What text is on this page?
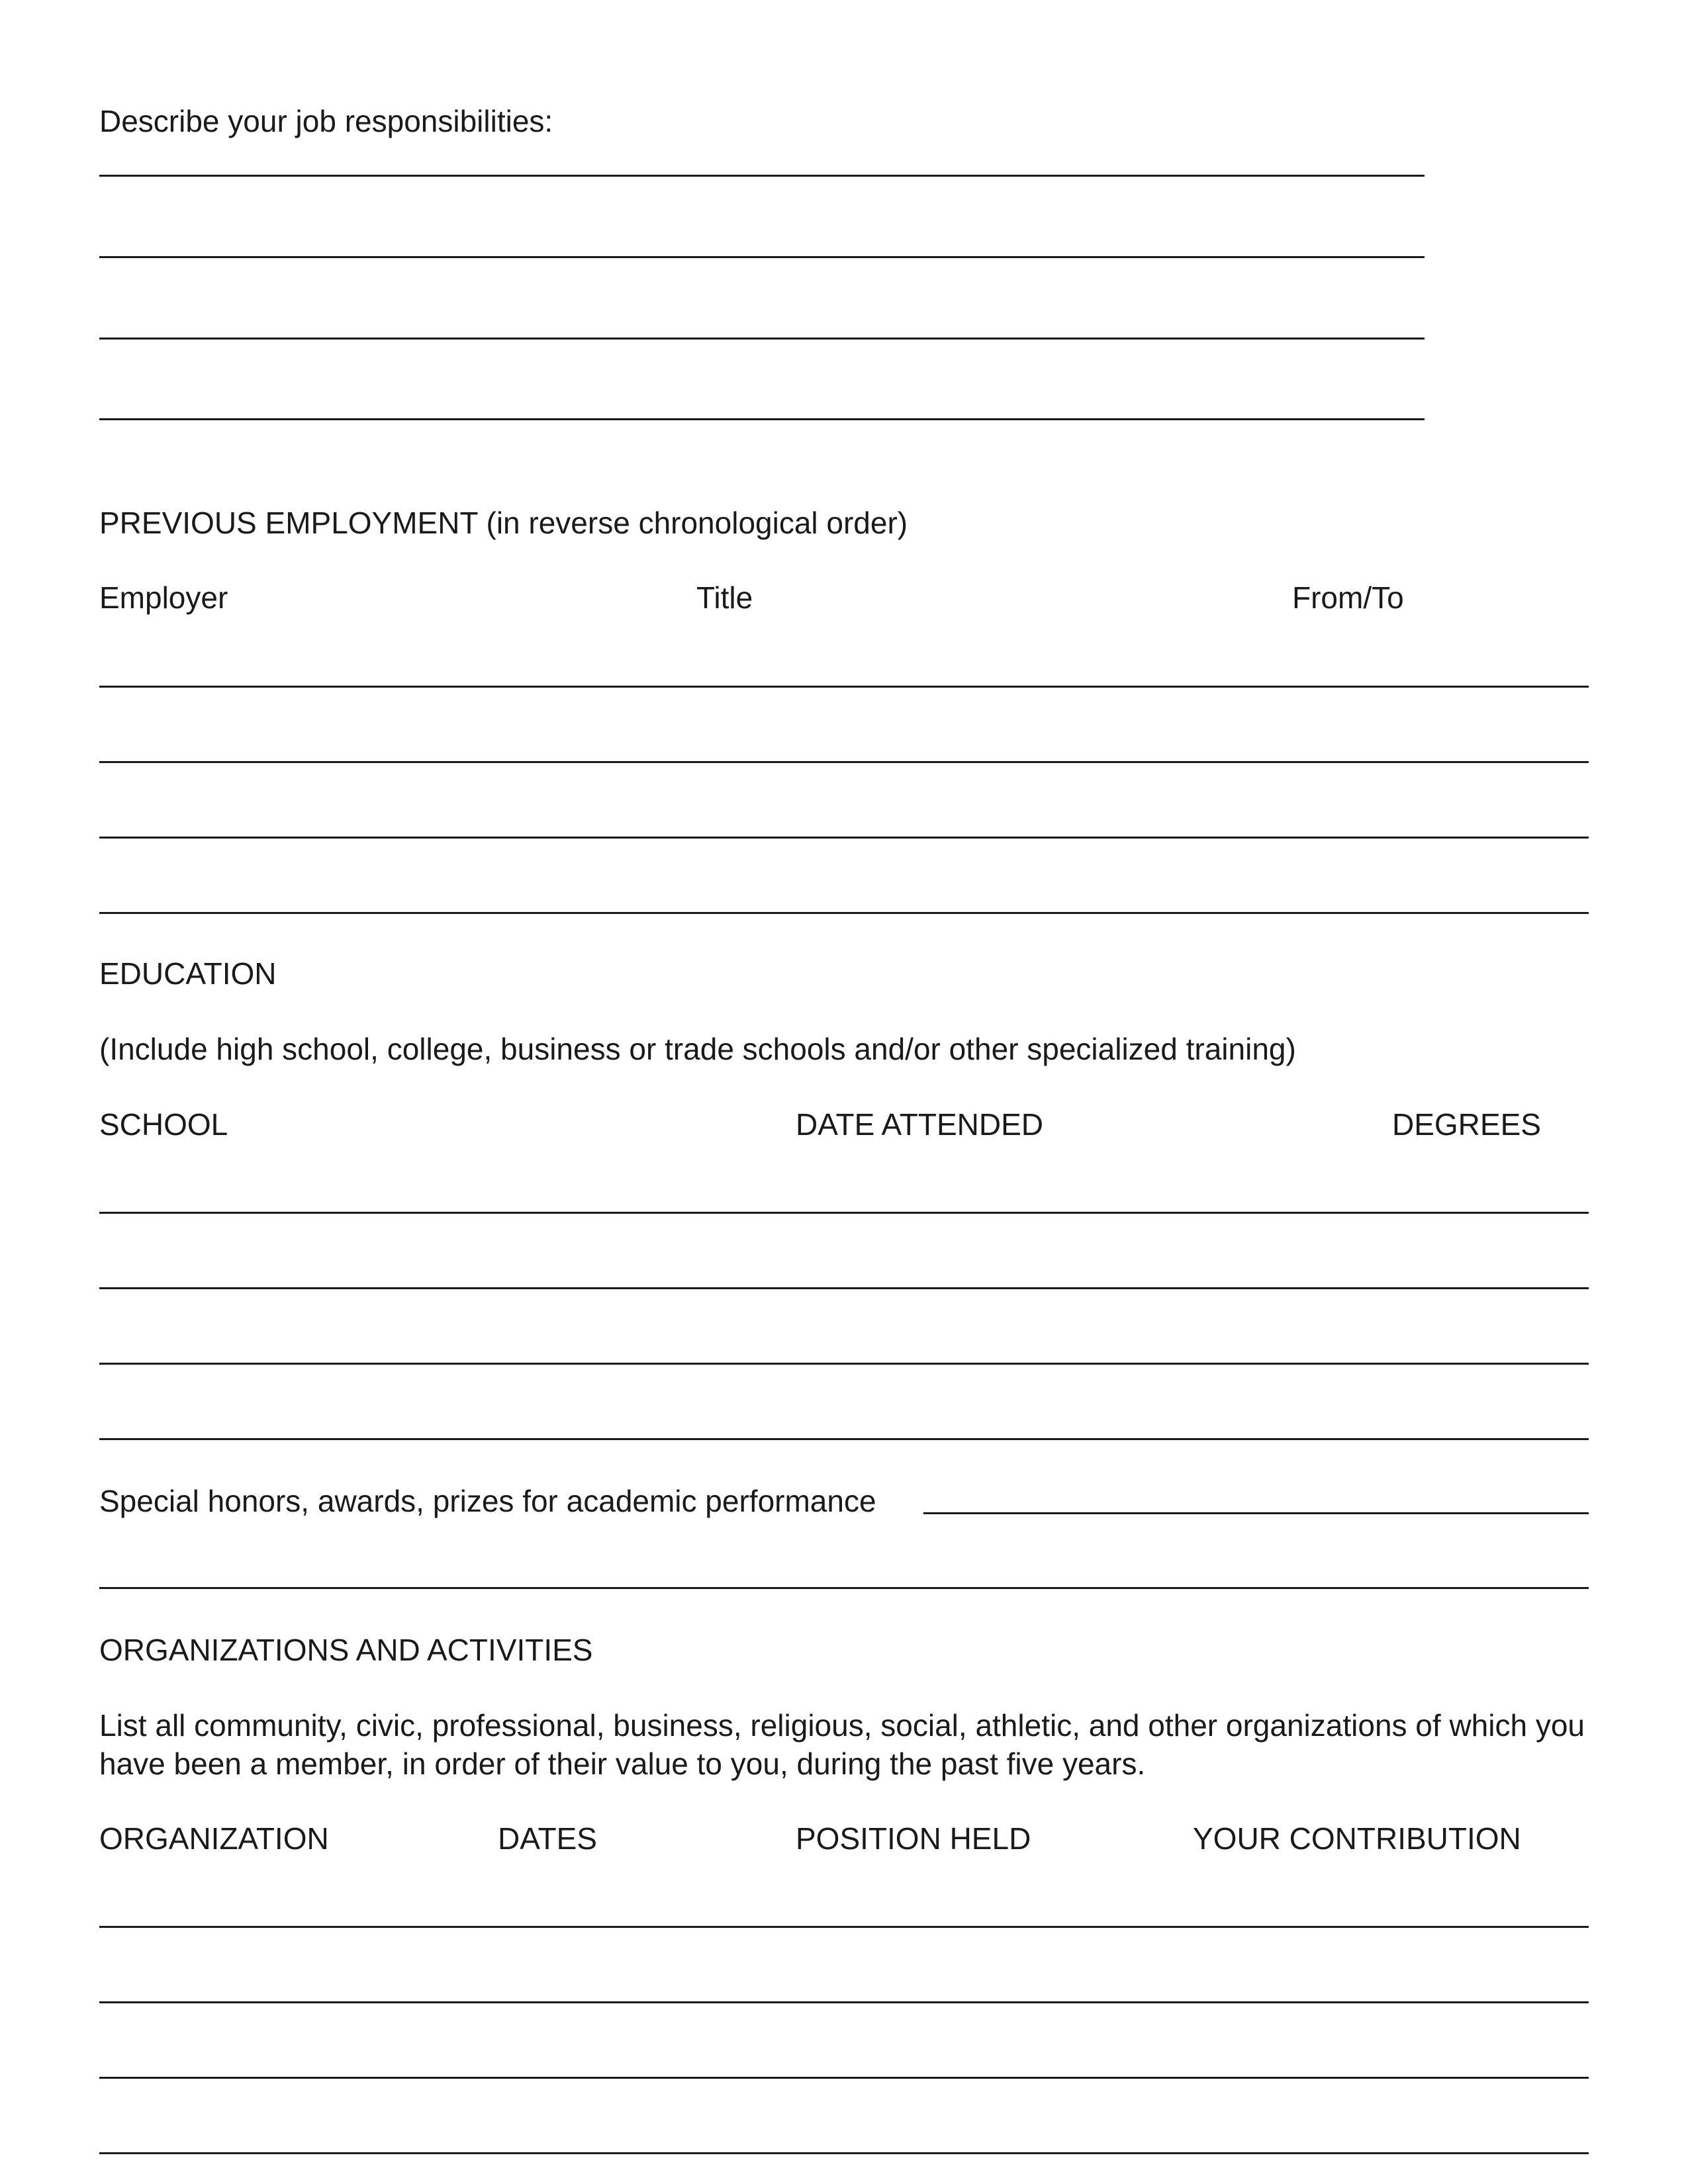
Describe your job responsibilities:
PREVIOUS EMPLOYMENT (in reverse chronological order)
Employer	Title	From/To
EDUCATION
(Include high school, college, business or trade schools and/or other specialized training)
SCHOOL	DATE ATTENDED	DEGREES
Special honors, awards, prizes for academic performance
ORGANIZATIONS AND ACTIVITIES
List all community, civic, professional, business, religious, social, athletic, and other organizations of which you have been a member, in order of their value to you, during the past five years.
ORGANIZATION	DATES	POSITION HELD	YOUR CONTRIBUTION
